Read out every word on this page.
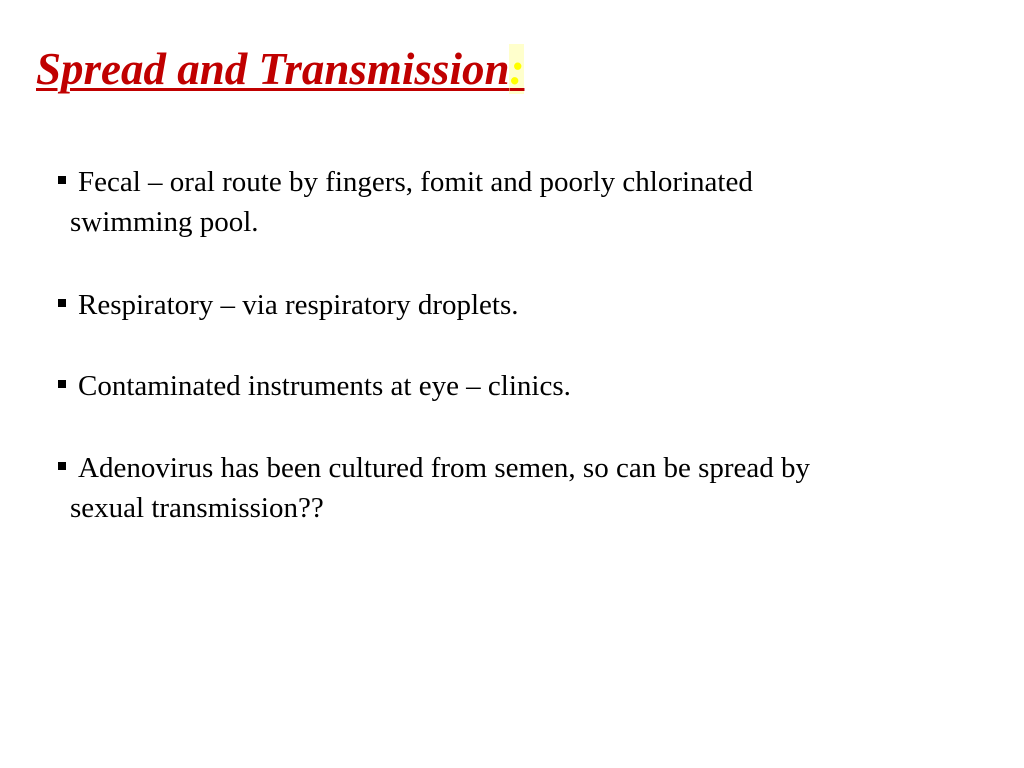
Spread and Transmission:
Fecal – oral route by fingers, fomit and poorly chlorinated
swimming pool.
Respiratory – via respiratory droplets.
Contaminated instruments at eye – clinics.
Adenovirus has been cultured from semen, so can be spread by
sexual transmission??
